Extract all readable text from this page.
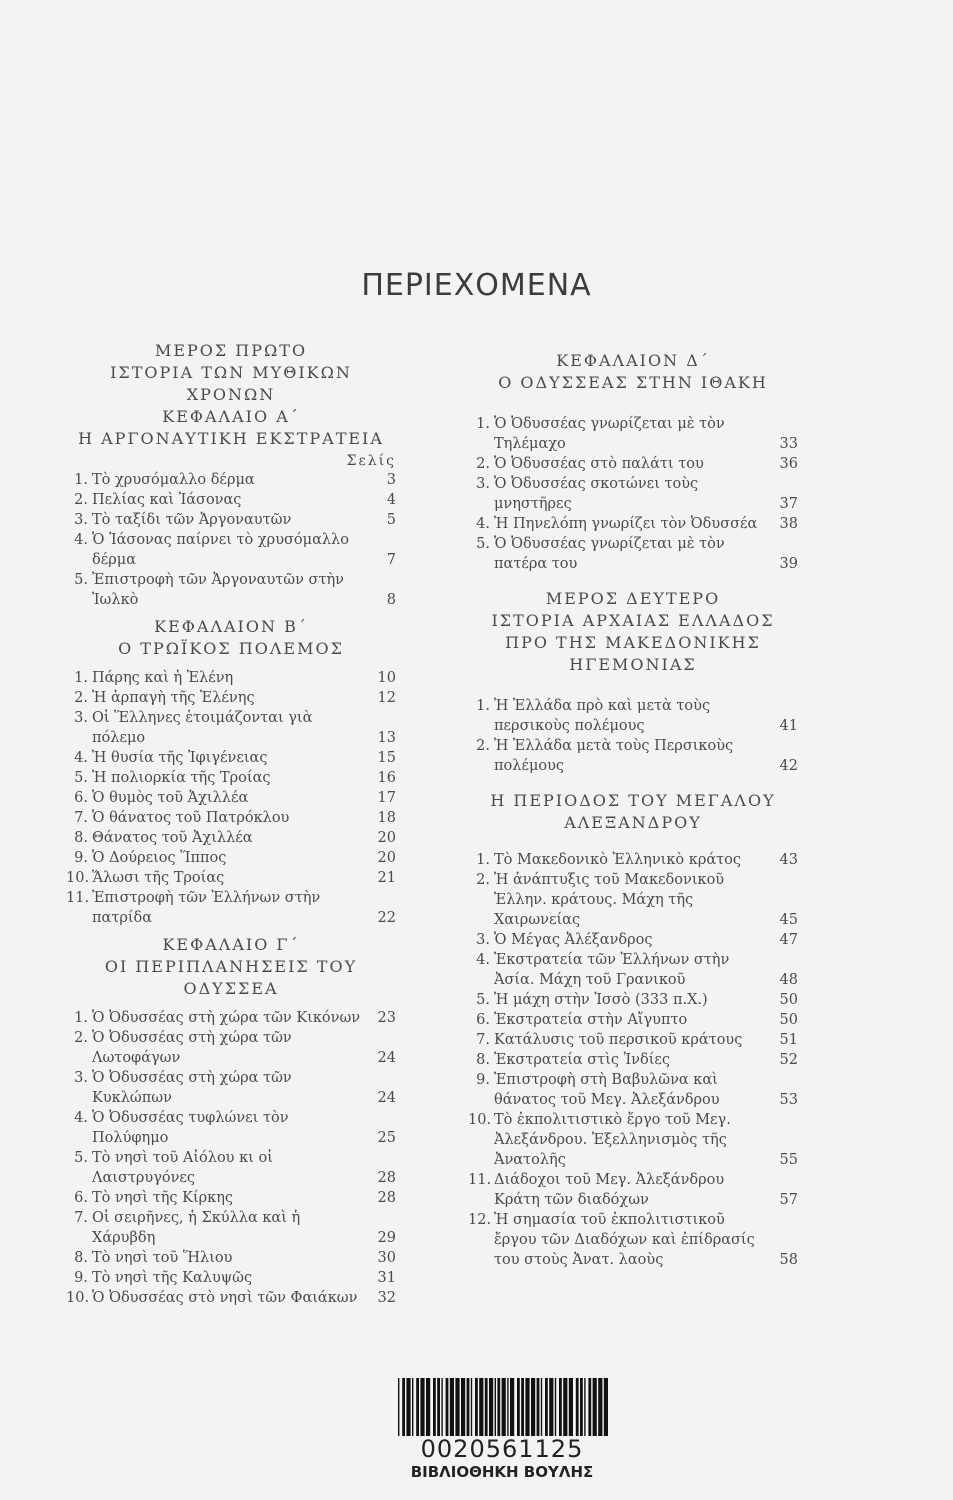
ΠΕΡΙΕΧΟΜΕΝΑ
ΜΕΡΟΣ ΠΡΩΤΟ
ΙΣΤΟΡΙΑ ΤΩΝ ΜΥΘΙΚΩΝ ΧΡΟΝΩΝ
ΚΕΦΑΛΑΙΟ Α΄
Η ΑΡΓΟΝΑΥΤΙΚΗ ΕΚΣΤΡΑΤΕΙΑ
Σελίς
1. Τὸ χρυσόμαλλο δέρμα	3
2. Πελίας καὶ Ἰάσονας	4
3. Τὸ ταξίδι τῶν Ἀργοναυτῶν	5
4. Ὁ Ἰάσονας παίρνει τὸ χρυσόμαλλο δέρμα	7
5. Ἐπιστροφὴ τῶν Ἀργοναυτῶν στὴν Ἰωλκὸ	8
ΚΕΦΑΛΑΙΟΝ Β΄
Ο ΤΡΩΪΚΟΣ ΠΟΛΕΜΟΣ
1. Πάρης καὶ ἡ Ἑλένη	10
2. Ἡ ἁρπαγὴ τῆς Ἑλένης	12
3. Οἱ Ἕλληνες ἑτοιμάζονται γιὰ πόλεμο	13
4. Ἡ θυσία τῆς Ἰφιγένειας	15
5. Ἡ πολιορκία τῆς Τροίας	16
6. Ὁ θυμὸς τοῦ Ἀχιλλέα	17
7. Ὁ θάνατος τοῦ Πατρόκλου	18
8. Θάνατος τοῦ Ἀχιλλέα	20
9. Ὁ Δούρειος Ἵππος	20
10. Ἅλωσι τῆς Τροίας	21
11. Ἐπιστροφὴ τῶν Ἑλλήνων στὴν πατρίδα	22
ΚΕΦΑΛΑΙΟ Γ΄
ΟΙ ΠΕΡΙΠΛΑΝΗΣΕΙΣ ΤΟΥ ΟΔΥΣΣΕΑ
1. Ὁ Ὀδυσσέας στὴ χώρα τῶν Κικόνων	23
2. Ὁ Ὀδυσσέας στὴ χώρα τῶν Λωτοφάγων	24
3. Ὁ Ὀδυσσέας στὴ χώρα τῶν Κυκλώπων	24
4. Ὁ Ὀδυσσέας τυφλώνει τὸν Πολύφημο	25
5. Τὸ νησὶ τοῦ Αἰόλου κι οἱ Λαιστρυγόνες	28
6. Τὸ νησὶ τῆς Κίρκης	28
7. Οἱ σειρῆνες, ἡ Σκύλλα καὶ ἡ Χάρυβδη	29
8. Τὸ νησὶ τοῦ Ἥλιου	30
9. Τὸ νησὶ τῆς Καλυψῶς	31
10. Ὁ Ὀδυσσέας στὸ νησὶ τῶν Φαιάκων	32
ΚΕΦΑΛΑΙΟΝ Δ΄
Ο ΟΔΥΣΣΕΑΣ ΣΤΗΝ ΙΘΑΚΗ
1. Ὁ Ὀδυσσέας γνωρίζεται μὲ τὸν Τηλέμαχο	33
2. Ὁ Ὀδυσσέας στὸ παλάτι του	36
3. Ὁ Ὀδυσσέας σκοτώνει τοὺς μνηστῆρες	37
4. Ἡ Πηνελόπη γνωρίζει τὸν Ὀδυσσέα	38
5. Ὁ Ὀδυσσέας γνωρίζεται μὲ τὸν πατέρα του	39
ΜΕΡΟΣ ΔΕΥΤΕΡΟ
ΙΣΤΟΡΙΑ ΑΡΧΑΙΑΣ ΕΛΛΑΔΟΣ ΠΡΟ ΤΗΣ ΜΑΚΕΔΟΝΙΚΗΣ ΗΓΕΜΟΝΙΑΣ
1. Ἡ Ἑλλάδα πρὸ καὶ μετὰ τοὺς περσικοὺς πολέμους	41
2. Ἡ Ἑλλάδα μετὰ τοὺς Περσικοὺς πολέμους	42
Η ΠΕΡΙΟΔΟΣ ΤΟΥ ΜΕΓΑΛΟΥ ΑΛΕΞΑΝΔΡΟΥ
1. Τὸ Μακεδονικὸ Ἑλληνικὸ κράτος	43
2. Ἡ ἀνάπτυξις τοῦ Μακεδονικοῦ Ἑλλην. κράτους. Μάχη τῆς Χαιρωνείας	45
3. Ὁ Μέγας Ἀλέξανδρος	47
4. Ἐκστρατεία τῶν Ἑλλήνων στὴν Ἀσία. Μάχη τοῦ Γρανικοῦ	48
5. Ἡ μάχη στὴν Ἰσσὸ (333 π.Χ.)	50
6. Ἐκστρατεία στὴν Αἴγυπτο	50
7. Κατάλυσις τοῦ περσικοῦ κράτους	51
8. Ἐκστρατεία στὶς Ἰνδίες	52
9. Ἐπιστροφὴ στὴ Βαβυλῶνα καὶ θάνατος τοῦ Μεγ. Ἀλεξάνδρου	53
10. Τὸ ἐκπολιτιστικὸ ἔργο τοῦ Μεγ. Ἀλεξάνδρου. Ἐξελληνισμὸς τῆς Ἀνατολῆς	55
11. Διάδοχοι τοῦ Μεγ. Ἀλεξάνδρου Κράτη τῶν διαδόχων	57
12. Ἡ σημασία τοῦ ἐκπολιτιστικοῦ ἔργου τῶν Διαδόχων καὶ ἐπίδρασίς του στοὺς Ἀνατ. λαοὺς	58
0020561125
ΒΙΒΛΙΟΘΗΚΗ ΒΟΥΛΗΣ
